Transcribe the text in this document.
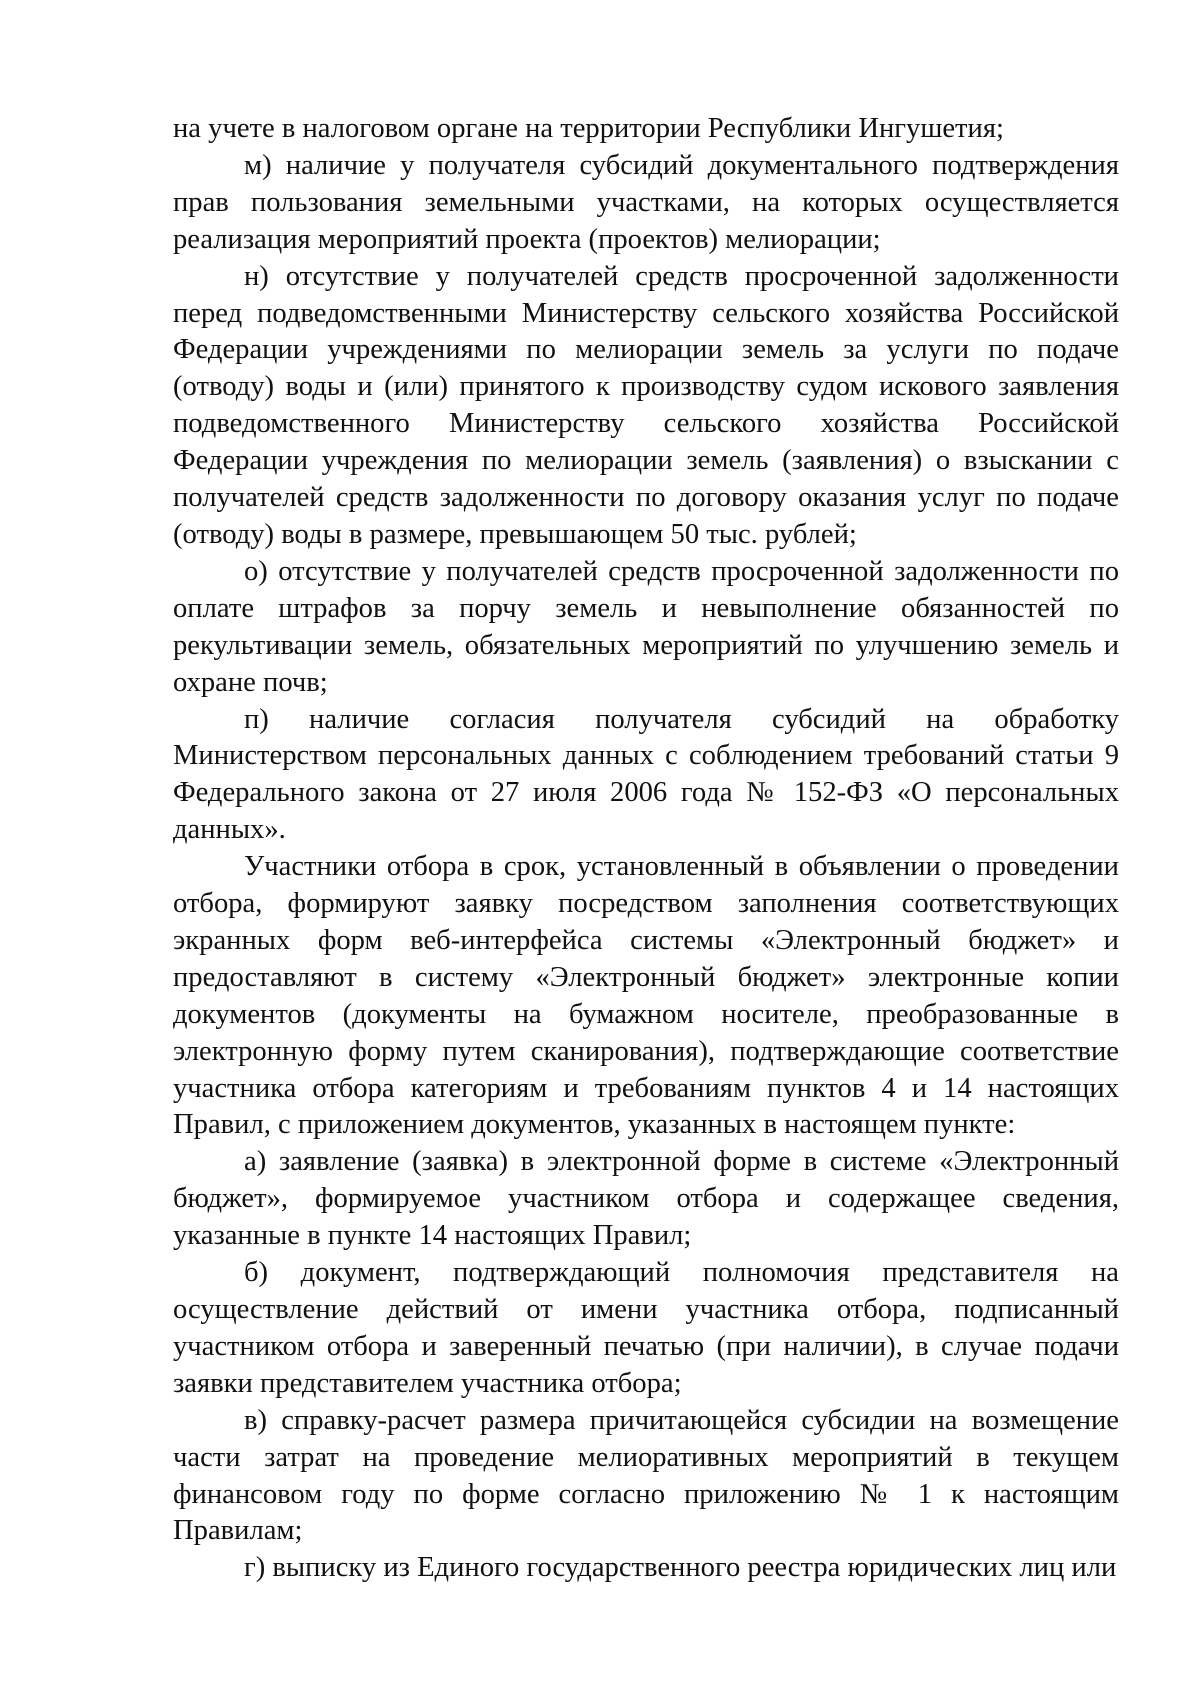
на учете в налоговом органе на территории Республики Ингушетия;

м) наличие у получателя субсидий документального подтверждения прав пользования земельными участками, на которых осуществляется реализация мероприятий проекта (проектов) мелиорации;

н) отсутствие у получателей средств просроченной задолженности перед подведомственными Министерству сельского хозяйства Российской Федерации учреждениями по мелиорации земель за услуги по подаче (отводу) воды и (или) принятого к производству судом искового заявления подведомственного Министерству сельского хозяйства Российской Федерации учреждения по мелиорации земель (заявления) о взыскании с получателей средств задолженности по договору оказания услуг по подаче (отводу) воды в размере, превышающем 50 тыс. рублей;

о) отсутствие у получателей средств просроченной задолженности по оплате штрафов за порчу земель и невыполнение обязанностей по рекультивации земель, обязательных мероприятий по улучшению земель и охране почв;

п) наличие согласия получателя субсидий на обработку Министерством персональных данных с соблюдением требований статьи 9 Федерального закона от 27 июля 2006 года № 152-ФЗ «О персональных данных».

Участники отбора в срок, установленный в объявлении о проведении отбора, формируют заявку посредством заполнения соответствующих экранных форм веб-интерфейса системы «Электронный бюджет» и предоставляют в систему «Электронный бюджет» электронные копии документов (документы на бумажном носителе, преобразованные в электронную форму путем сканирования), подтверждающие соответствие участника отбора категориям и требованиям пунктов 4 и 14 настоящих Правил, с приложением документов, указанных в настоящем пункте:

а) заявление (заявка) в электронной форме в системе «Электронный бюджет», формируемое участником отбора и содержащее сведения, указанные в пункте 14 настоящих Правил;

б) документ, подтверждающий полномочия представителя на осуществление действий от имени участника отбора, подписанный участником отбора и заверенный печатью (при наличии), в случае подачи заявки представителем участника отбора;

в) справку-расчет размера причитающейся субсидии на возмещение части затрат на проведение мелиоративных мероприятий в текущем финансовом году по форме согласно приложению № 1 к настоящим Правилам;

г) выписку из Единого государственного реестра юридических лиц или
